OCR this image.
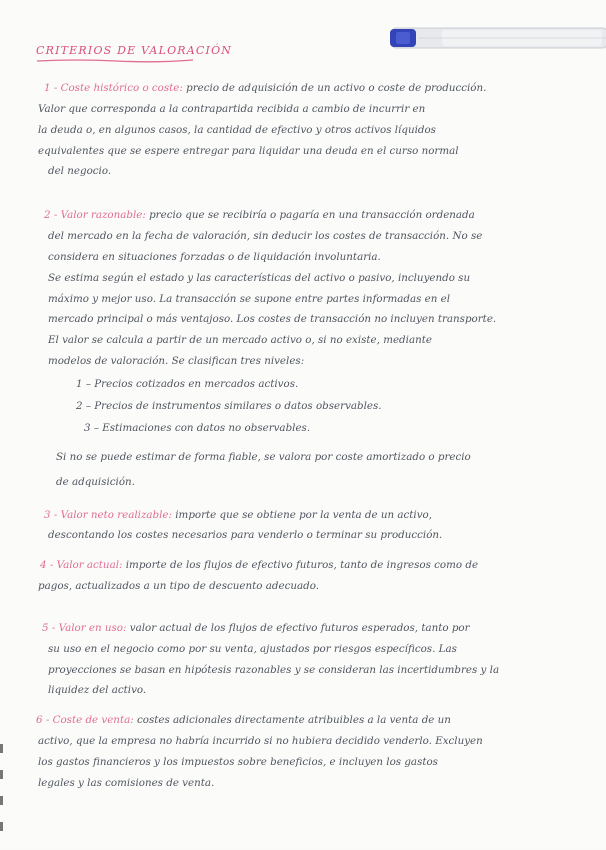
CRITERIOS DE VALORACIÓN

1 - Coste histórico o coste: precio de adquisición de un activo o coste de producción.

Valor que corresponda a la contrapartida recibida a cambio de incurrir en

la deuda o, en algunos casos, la cantidad de efectivo y otros activos líquidos

equivalentes que se espere entregar para liquidar una deuda en el curso normal

del negocio.

2 - Valor razonable: precio que se recibiría o pagaría en una transacción ordenada

del mercado en la fecha de valoración, sin deducir los costes de transacción. No se

considera en situaciones forzadas o de liquidación involuntaria.

Se estima según el estado y las características del activo o pasivo, incluyendo su

máximo y mejor uso. La transacción se supone entre partes informadas en el

mercado principal o más ventajoso. Los costes de transacción no incluyen transporte.

El valor se calcula a partir de un mercado activo o, si no existe, mediante

modelos de valoración. Se clasifican tres niveles:

1 – Precios cotizados en mercados activos.

2 – Precios de instrumentos similares o datos observables.

3 – Estimaciones con datos no observables.

Si no se puede estimar de forma fiable, se valora por coste amortizado o precio

de adquisición.

3 - Valor neto realizable: importe que se obtiene por la venta de un activo,

descontando los costes necesarios para venderlo o terminar su producción.

4 - Valor actual: importe de los flujos de efectivo futuros, tanto de ingresos como de

pagos, actualizados a un tipo de descuento adecuado.

5 - Valor en uso: valor actual de los flujos de efectivo futuros esperados, tanto por

su uso en el negocio como por su venta, ajustados por riesgos específicos. Las

proyecciones se basan en hipótesis razonables y se consideran las incertidumbres y la

liquidez del activo.

6 - Coste de venta: costes adicionales directamente atribuibles a la venta de un

activo, que la empresa no habría incurrido si no hubiera decidido venderlo. Excluyen

los gastos financieros y los impuestos sobre beneficios, e incluyen los gastos

legales y las comisiones de venta.
